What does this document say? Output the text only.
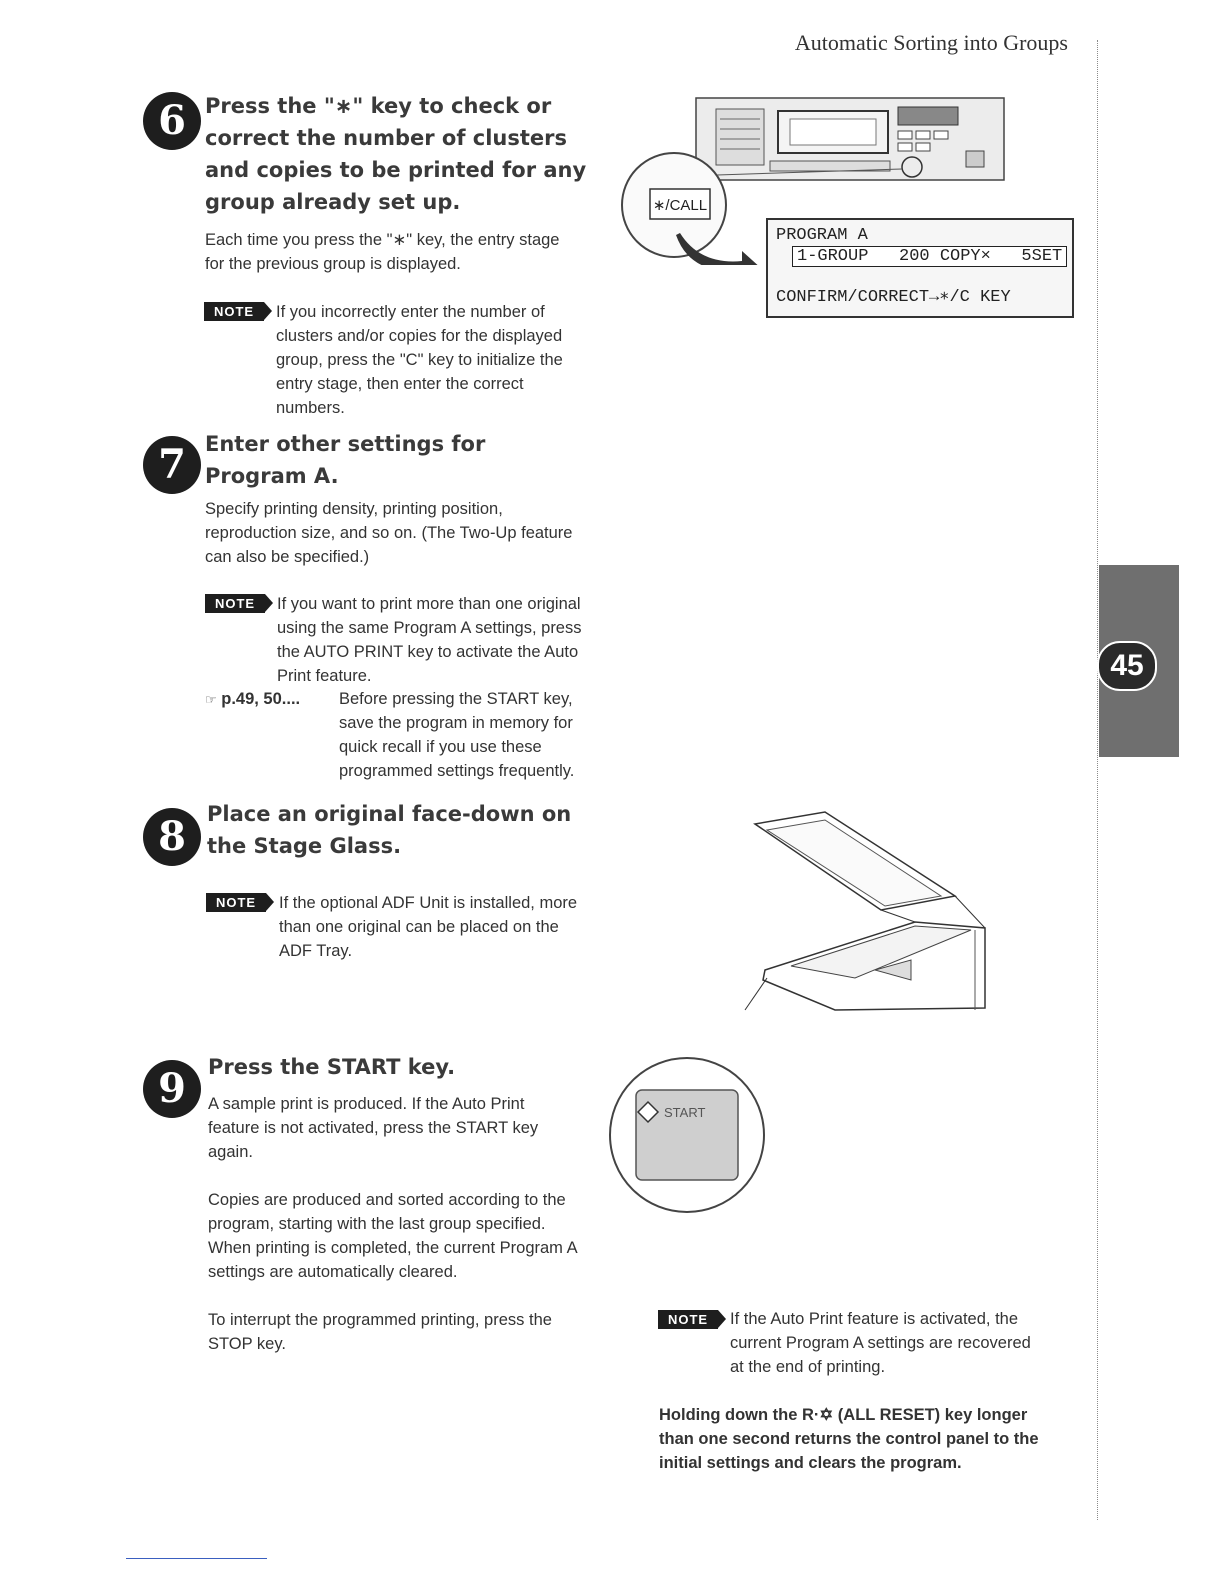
Automatic Sorting into Groups
45
6 Press the "∗" key to check or
correct the number of clusters
and copies to be printed for any
group already set up.
Each time you press the "∗" key, the entry stage
for the previous group is displayed.
NOTE	If you incorrectly enter the number of
clusters and/or copies for the displayed
group, press the "C" key to initialize the
entry stage, then enter the correct
numbers.
∗/CALL
PROGRAM A
1-GROUP   200 COPY×   5SET
CONFIRM/CORRECT→∗/C KEY
7 Enter other settings for
Program A.
Specify printing density, printing position,
reproduction size, and so on. (The Two-Up feature
can also be specified.)
NOTE	If you want to print more than one original
using the same Program A settings, press
the AUTO PRINT key to activate the Auto
Print feature.
☞ p.49, 50....	Before pressing the START key,
save the program in memory for
quick recall if you use these
programmed settings frequently.
8	Place an original face-down on
the Stage Glass.
NOTE	If the optional ADF Unit is installed, more
than one original can be placed on the
ADF Tray.
9	Press the START key.
A sample print is produced. If the Auto Print
feature is not activated, press the START key
again.
Copies are produced and sorted according to the
program, starting with the last group specified.
When printing is completed, the current Program A
settings are automatically cleared.
To interrupt the programmed printing, press the
STOP key.
START
NOTE	If the Auto Print feature is activated, the
current Program A settings are recovered
at the end of printing.
Holding down the R·✡ (ALL RESET) key longer
than one second returns the control panel to the
initial settings and clears the program.
